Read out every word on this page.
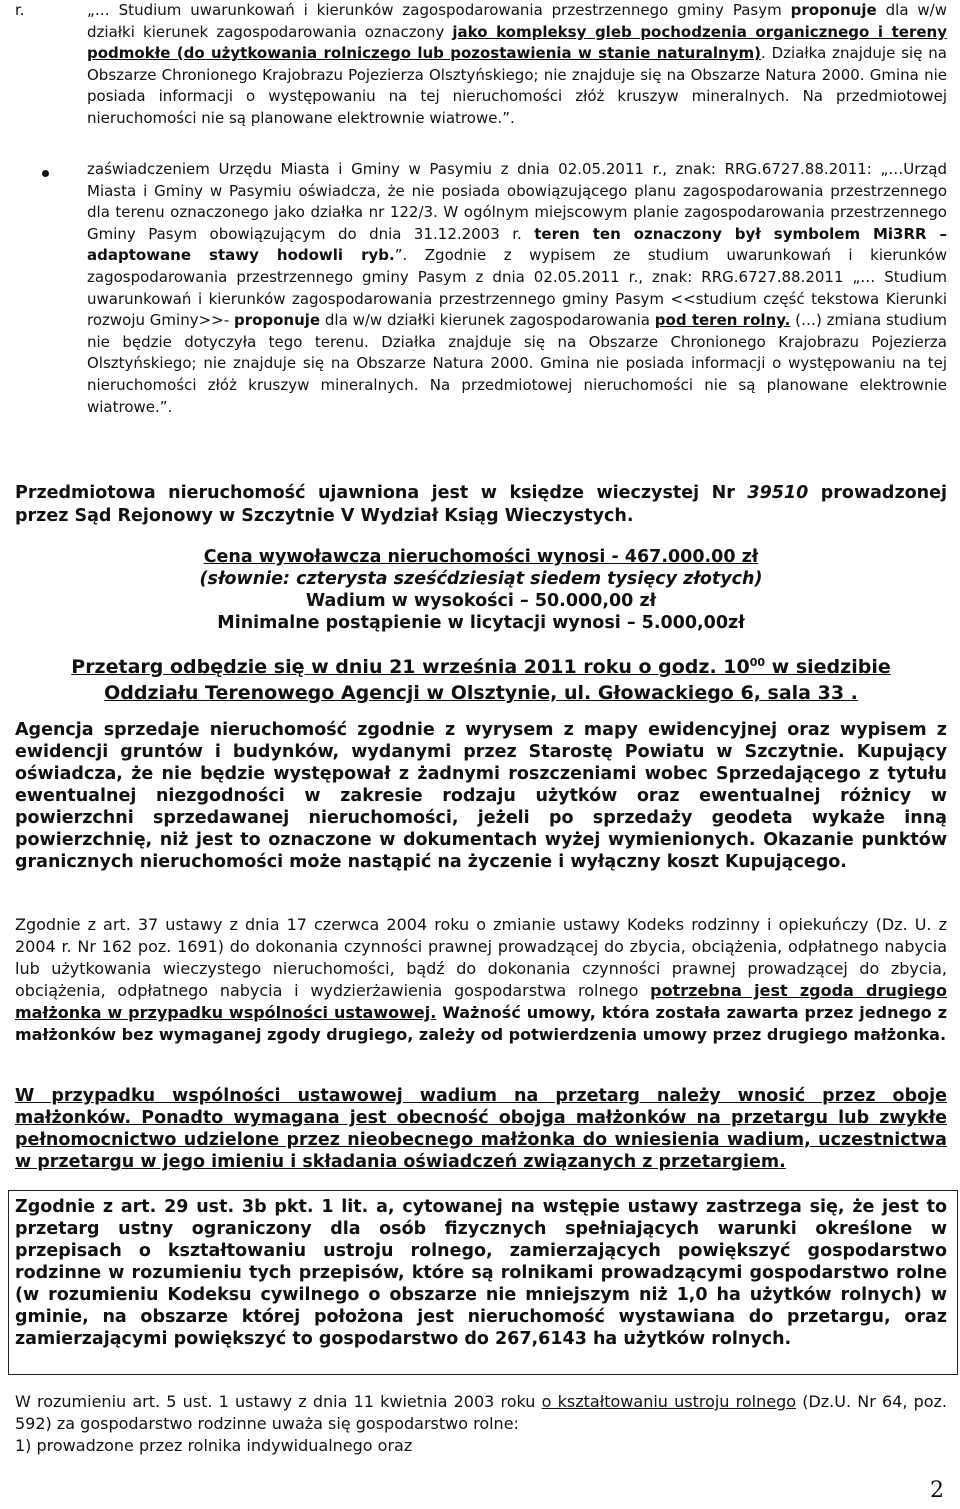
r.	„… Studium uwarunkowań i kierunków zagospodarowania przestrzennego gminy Pasym proponuje dla w/w działki kierunek zagospodarowania oznaczony jako kompleksy gleb pochodzenia organicznego i tereny podmokłe (do użytkowania rolniczego lub pozostawienia w stanie naturalnym). Działka znajduje się na Obszarze Chronionego Krajobrazu Pojezierza Olsztyńskiego; nie znajduje się na Obszarze Natura 2000. Gmina nie posiada informacji o występowaniu na tej nieruchomości złóż kruszyw mineralnych. Na przedmiotowej nieruchomości nie są planowane elektrownie wiatrowe.”.
zaświadczeniem Urzędu Miasta i Gminy w Pasymiu z dnia 02.05.2011 r., znak: RRG.6727.88.2011: „…Urząd Miasta i Gminy w Pasymiu oświadcza, że nie posiada obowiązującego planu zagospodarowania przestrzennego dla terenu oznaczonego jako działka nr 122/3. W ogólnym miejscowym planie zagospodarowania przestrzennego Gminy Pasym obowiązującym do dnia 31.12.2003 r. teren ten oznaczony był symbolem Mi3RR – adaptowane stawy hodowli ryb.”. Zgodnie z wypisem ze studium uwarunkowań i kierunków zagospodarowania przestrzennego gminy Pasym z dnia 02.05.2011 r., znak: RRG.6727.88.2011 „… Studium uwarunkowań i kierunków zagospodarowania przestrzennego gminy Pasym <<studium część tekstowa Kierunki rozwoju Gminy>>- proponuje dla w/w działki kierunek zagospodarowania pod teren rolny. (…) zmiana studium nie będzie dotyczyła tego terenu. Działka znajduje się na Obszarze Chronionego Krajobrazu Pojezierza Olsztyńskiego; nie znajduje się na Obszarze Natura 2000. Gmina nie posiada informacji o występowaniu na tej nieruchomości złóż kruszyw mineralnych. Na przedmiotowej nieruchomości nie są planowane elektrownie wiatrowe.”.
Przedmiotowa nieruchomość ujawniona jest w księdze wieczystej Nr 39510 prowadzonej przez Sąd Rejonowy w Szczytnie V Wydział Ksiąg Wieczystych.
Cena wywoławcza nieruchomości wynosi - 467.000.00 zł
(słownie: czterysta sześćdziesiąt siedem tysięcy złotych)
Wadium w wysokości – 50.000,00 zł
Minimalne postąpienie w licytacji wynosi – 5.000,00zł
Przetarg odbędzie się w dniu 21 września 2011 roku o godz. $10^{00}$ w siedzibie
Oddziału Terenowego Agencji w Olsztynie, ul. Głowackiego 6, sala 33 .
Agencja sprzedaje nieruchomość zgodnie z wyrysem z mapy ewidencyjnej oraz wypisem z ewidencji gruntów i budynków, wydanymi przez Starostę Powiatu w Szczytnie. Kupujący oświadcza, że nie będzie występował z żadnymi roszczeniami wobec Sprzedającego z tytułu ewentualnej niezgodności w zakresie rodzaju użytków oraz ewentualnej różnicy w powierzchni sprzedawanej nieruchomości, jeżeli po sprzedaży geodeta wykaże inną powierzchnię, niż jest to oznaczone w dokumentach wyżej wymienionych. Okazanie punktów granicznych nieruchomości może nastąpić na życzenie i wyłączny koszt Kupującego.
Zgodnie z art. 37 ustawy z dnia 17 czerwca 2004 roku o zmianie ustawy Kodeks rodzinny i opiekuńczy (Dz. U. z 2004 r. Nr 162 poz. 1691) do dokonania czynności prawnej prowadzącej do zbycia, obciążenia, odpłatnego nabycia lub użytkowania wieczystego nieruchomości, bądź do dokonania czynności prawnej prowadzącej do zbycia, obciążenia, odpłatnego nabycia i wydzierżawienia gospodarstwa rolnego potrzebna jest zgoda drugiego małżonka w przypadku wspólności ustawowej. Ważność umowy, która została zawarta przez jednego z małżonków bez wymaganej zgody drugiego, zależy od potwierdzenia umowy przez drugiego małżonka.
W przypadku wspólności ustawowej wadium na przetarg należy wnosić przez oboje małżonków. Ponadto wymagana jest obecność obojga małżonków na przetargu lub zwykłe pełnomocnictwo udzielone przez nieobecnego małżonka do wniesienia wadium, uczestnictwa w przetargu w jego imieniu i składania oświadczeń związanych z przetargiem.
Zgodnie z art. 29 ust. 3b pkt. 1 lit. a, cytowanej na wstępie ustawy zastrzega się, że jest to przetarg ustny ograniczony dla osób fizycznych spełniających warunki określone w przepisach o kształtowaniu ustroju rolnego, zamierzających powiększyć gospodarstwo rodzinne w rozumieniu tych przepisów, które są rolnikami prowadzącymi gospodarstwo rolne (w rozumieniu Kodeksu cywilnego o obszarze nie mniejszym niż 1,0 ha użytków rolnych) w gminie, na obszarze której położona jest nieruchomość wystawiana do przetargu, oraz zamierzającymi powiększyć to gospodarstwo do 267,6143 ha użytków rolnych.
W rozumieniu art. 5 ust. 1 ustawy z dnia 11 kwietnia 2003 roku o kształtowaniu ustroju rolnego (Dz.U. Nr 64, poz. 592) za gospodarstwo rodzinne uważa się gospodarstwo rolne:
1) prowadzone przez rolnika indywidualnego oraz
2
